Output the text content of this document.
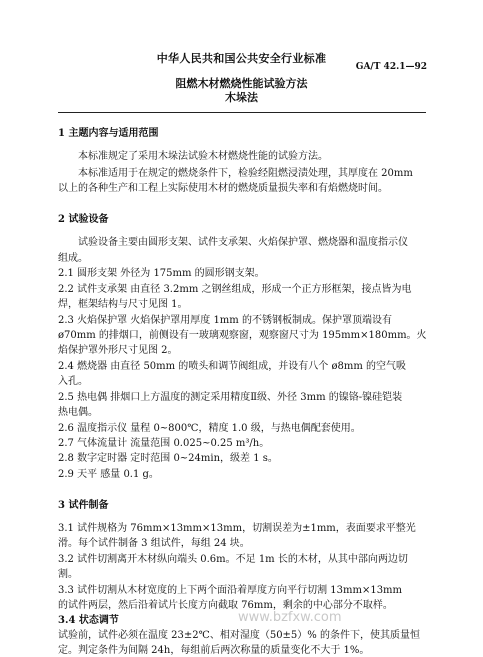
中华人民共和国公共安全行业标准
GA/T 42.1—92
阻燃木材燃烧性能试验方法
木垛法
1 主题内容与适用范围
本标准规定了采用木垛法试验木材燃烧性能的试验方法。
本标准适用于在规定的燃烧条件下，检验经阻燃浸渍处理，其厚度在 20mm
以上的各种生产和工程上实际使用木材的燃烧质量损失率和有焰燃烧时间。
2 试验设备
试验设备主要由圆形支架、试件支承架、火焰保护罩、燃烧器和温度指示仪
组成。
2.1 圆形支架 外径为 175mm 的圆形钢支架。
2.2 试件支承架 由直径 3.2mm 之钢丝组成，形成一个正方形框架，接点皆为电
焊，框架结构与尺寸见图 1。
2.3 火焰保护罩 火焰保护罩用厚度 1mm 的不锈钢板制成。保护罩顶端设有
ø70mm 的排烟口，前侧设有一玻璃观察窗，观察窗尺寸为 195mm×180mm。火
焰保护罩外形尺寸见图 2。
2.4 燃烧器 由直径 50mm 的喷头和调节阀组成，并设有八个 ø8mm 的空气吸
入孔。
2.5 热电偶 排烟口上方温度的测定采用精度Ⅱ级、外径 3mm 的镍铬-镍硅铠装
热电偶。
2.6 温度指示仪 量程 0~800℃，精度 1.0 级，与热电偶配套使用。
2.7 气体流量计 流量范围 0.025~0.25 m³/h。
2.8 数字定时器 定时范围 0~24min，级差 1 s。
2.9 天平 感量 0.1 g。
3 试件制备
3.1 试件规格为 76mm×13mm×13mm，切割误差为±1mm，表面要求平整光
滑。每个试件制备 3 组试件，每组 24 块。
3.2 试件切割离开木材纵向端头 0.6m。不足 1m 长的木材，从其中部向两边切
割。
3.3 试件切割从木材宽度的上下两个面沿着厚度方向平行切割 13mm×13mm
的试件两层，然后沿着试片长度方向截取 76mm，剩余的中心部分不取样。
3.4 状态调节
试验前，试件必须在温度 23±2℃、相对湿度（50±5）% 的条件下，使其质量恒
定。判定条件为间隔 24h，每组前后两次称量的质量变化不大于 1%。
www.bzfxw.com
